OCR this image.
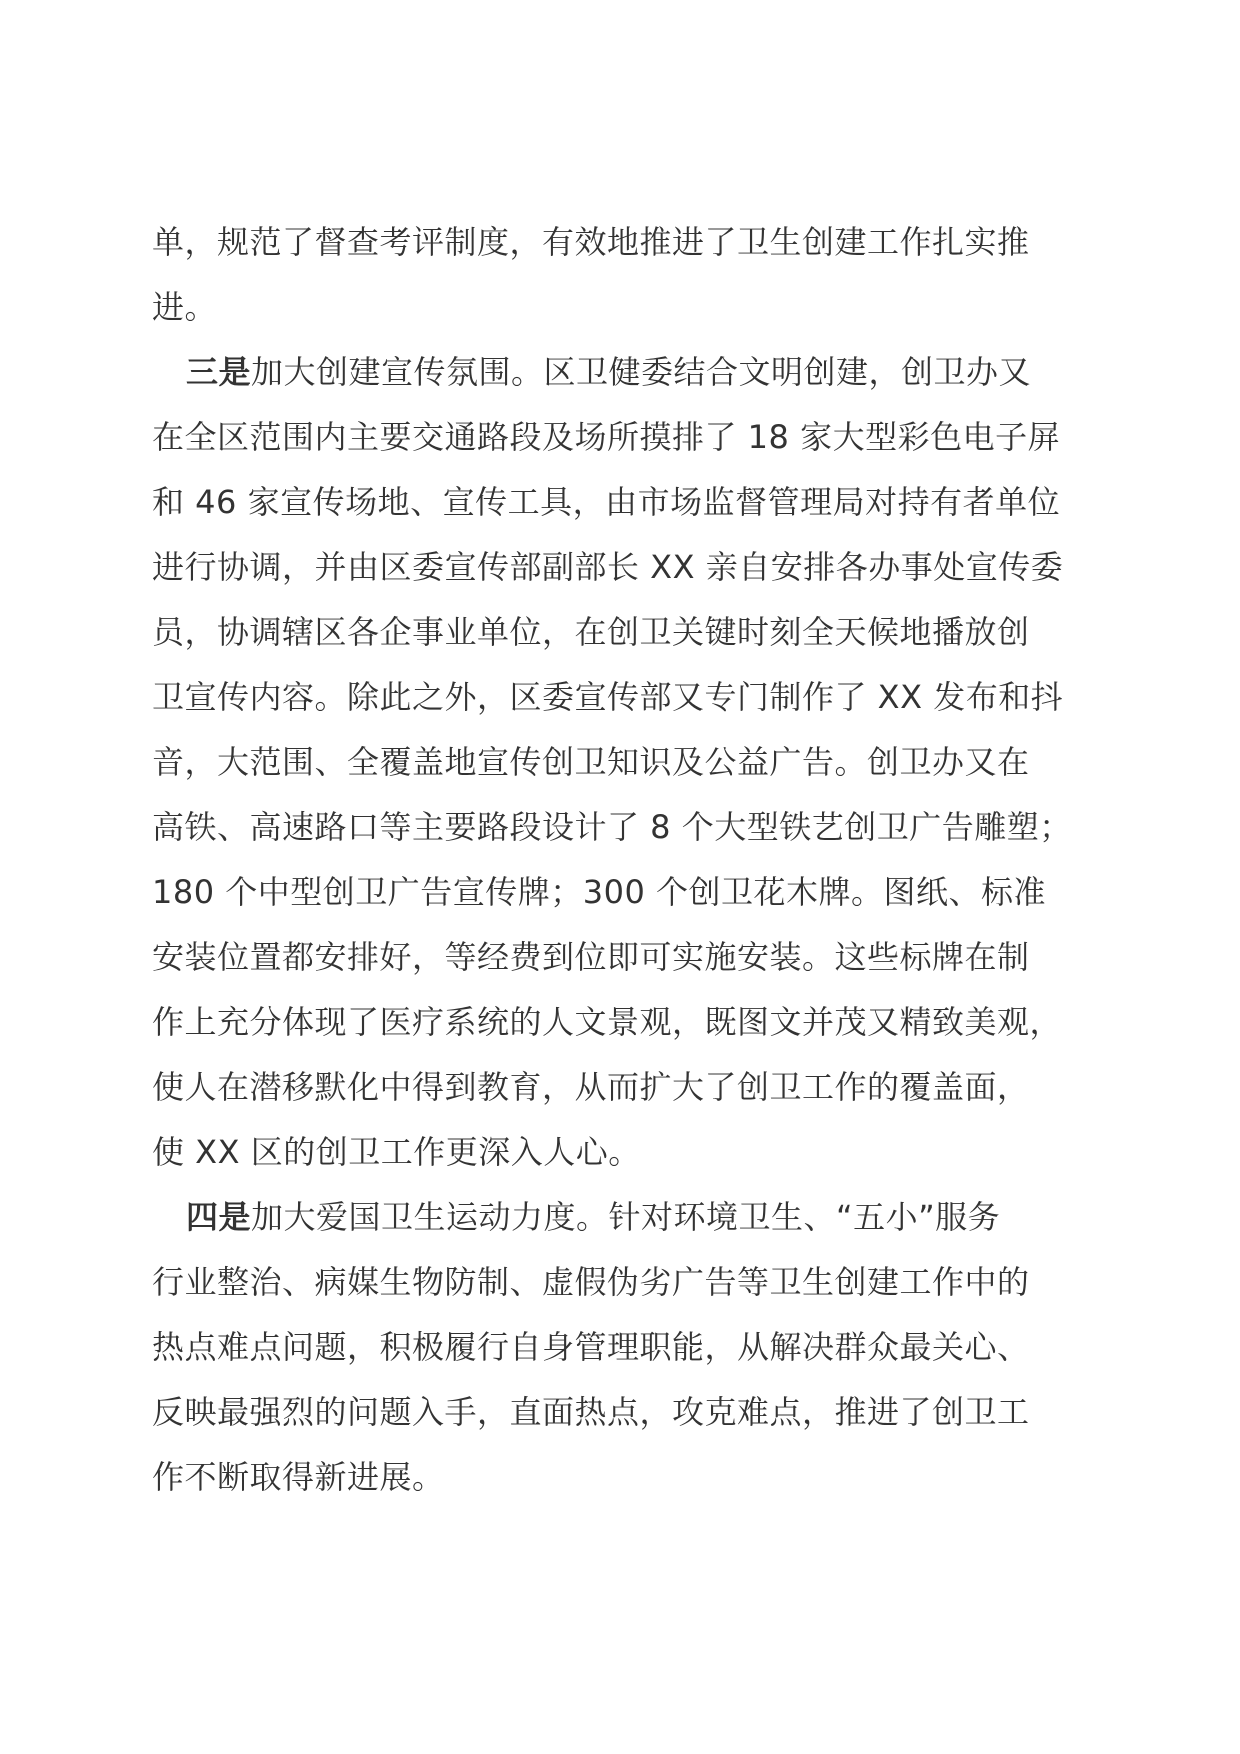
单，规范了督查考评制度，有效地推进了卫生创建工作扎实推
进。
三是加大创建宣传氛围。区卫健委结合文明创建，创卫办又
在全区范围内主要交通路段及场所摸排了 18 家大型彩色电子屏
和 46 家宣传场地、宣传工具，由市场监督管理局对持有者单位
进行协调，并由区委宣传部副部长 XX 亲自安排各办事处宣传委
员，协调辖区各企事业单位，在创卫关键时刻全天候地播放创
卫宣传内容。除此之外，区委宣传部又专门制作了 XX 发布和抖
音，大范围、全覆盖地宣传创卫知识及公益广告。创卫办又在
高铁、高速路口等主要路段设计了 8 个大型铁艺创卫广告雕塑；
180 个中型创卫广告宣传牌；300 个创卫花木牌。图纸、标准
安装位置都安排好，等经费到位即可实施安装。这些标牌在制
作上充分体现了医疗系统的人文景观，既图文并茂又精致美观，
使人在潜移默化中得到教育，从而扩大了创卫工作的覆盖面，
使 XX 区的创卫工作更深入人心。
四是加大爱国卫生运动力度。针对环境卫生、“五小”服务
行业整治、病媒生物防制、虚假伪劣广告等卫生创建工作中的
热点难点问题，积极履行自身管理职能，从解决群众最关心、
反映最强烈的问题入手，直面热点，攻克难点，推进了创卫工
作不断取得新进展。
